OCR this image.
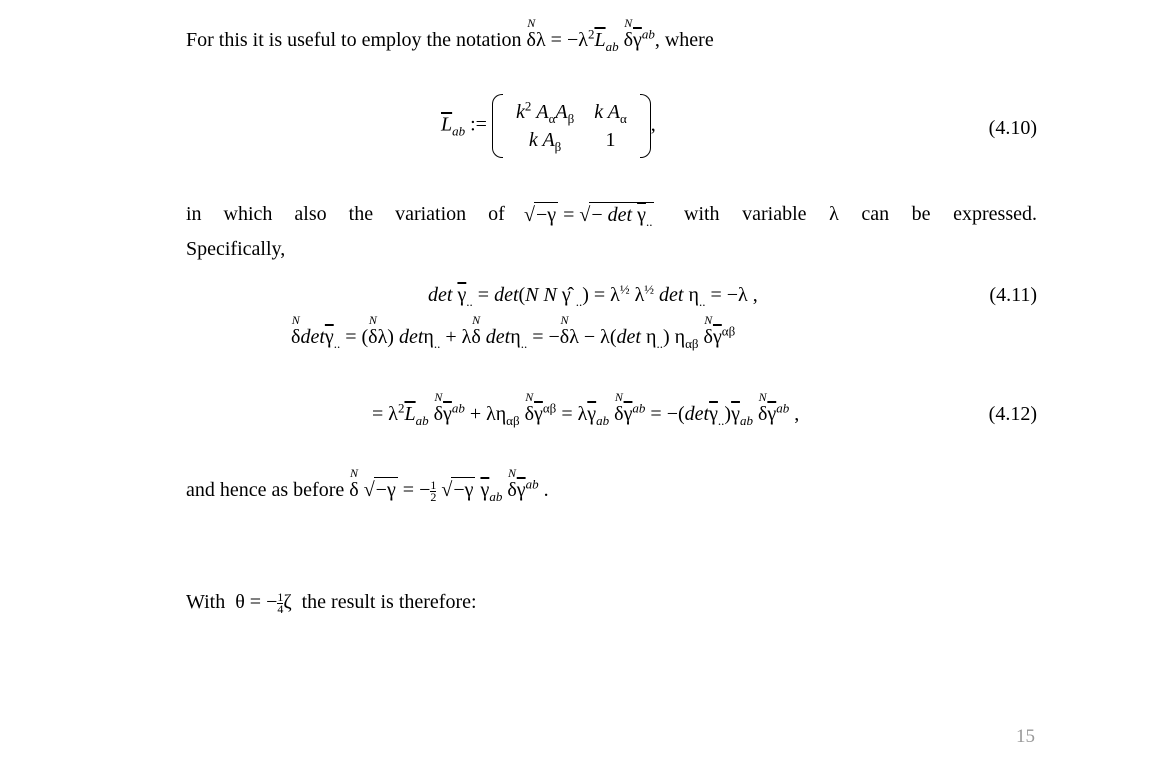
For this it is useful to employ the notation
N
$\delta\lambda = -\lambda^2\overline{L}_{ab}$
N
$\delta\overline{\gamma}^{ab}$, where
$\overline{L}_{ab}$ :=
$k^2$ $A_\alpha A_\beta$	k $A_\alpha$
k $A_\beta$	1
,	(4.10)
in which also the variation of √−γ = √− $\det \overline{\gamma}_{..}$ with variable λ can be expressed.
Specifically,
$\det \overline{\gamma}_{..} = \det(N$ N γ̂ $_{..}) = \lambda^{\frac{1}{2}}$ $\lambda^{\frac{1}{2}}$ $\det \eta_{..} = -\lambda$ ,	(4.11)
N
$\delta\det\overline{\gamma}_{..}$ = (
N
δλ) detη$_{..}$ + λ
N
δ detη$_{..}$ = −
N
δλ − λ(det $\eta_{..}$) $\eta_{\alpha\beta}$
N
$\delta\overline{\gamma}^{\alpha\beta}$
= $\lambda^2\overline{L}_{ab}$
N
$\delta\overline{\gamma}^{ab} + \lambda\eta_{\alpha\beta}$
N
$\delta\overline{\gamma}^{\alpha\beta} = \lambda\overline{\gamma}_{ab}$
N
$\delta\overline{\gamma}^{ab} = -(\det\overline{\gamma}_{..})\overline{\gamma}_{ab}$
N
$\delta\overline{\gamma}^{ab}$ ,	(4.12)
and hence as before
N
δ √−γ = − $\frac{1}{2} √-\gamma$ $\overline{\gamma}_{ab}$
N
$\delta\overline{\gamma}^{ab}$ .
With  θ = − $\frac{1}{4}$ ζ  the result is therefore:
15
